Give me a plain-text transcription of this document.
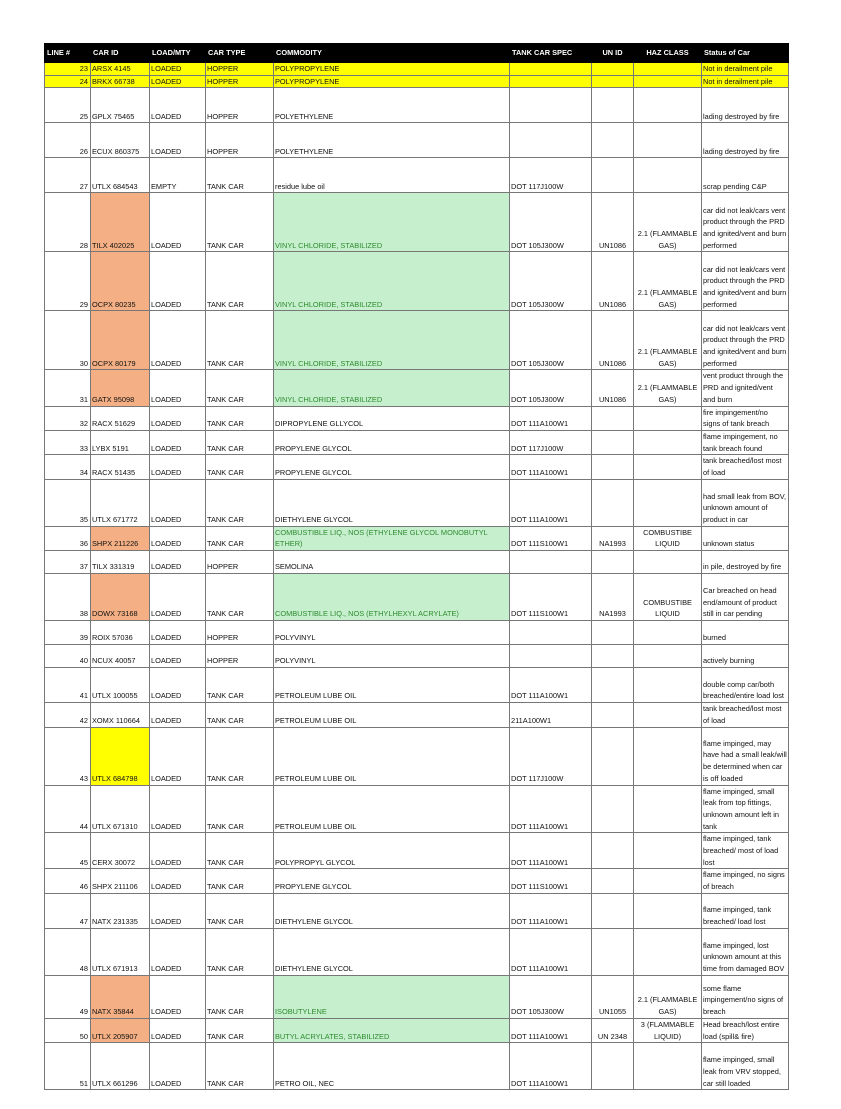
LINE #	CAR ID	LOAD/MTY	CAR TYPE	COMMODITY	TANK CAR SPEC	UN ID	HAZ CLASS	Status of Car
23	ARSX 4145	LOADED	HOPPER	POLYPROPYLENE				Not in derailment pile
24	BRKX 66738	LOADED	HOPPER	POLYPROPYLENE				Not in derailment pile
25	GPLX 75465	LOADED	HOPPER	POLYETHYLENE				lading destroyed by fire
26	ECUX 860375	LOADED	HOPPER	POLYETHYLENE				lading destroyed by fire
27	UTLX 684543	EMPTY	TANK CAR	residue lube oil	DOT 117J100W			scrap pending C&P
28	TILX 402025	LOADED	TANK CAR	VINYL CHLORIDE, STABILIZED	DOT 105J300W	UN1086	2.1 (FLAMMABLE GAS)	car did not leak/cars vent product through the PRD and ignited/vent and burn performed
29	OCPX 80235	LOADED	TANK CAR	VINYL CHLORIDE, STABILIZED	DOT 105J300W	UN1086	2.1 (FLAMMABLE GAS)	car did not leak/cars vent product through the PRD and ignited/vent and burn performed
30	OCPX 80179	LOADED	TANK CAR	VINYL CHLORIDE, STABILIZED	DOT 105J300W	UN1086	2.1 (FLAMMABLE GAS)	car did not leak/cars vent product through the PRD and ignited/vent and burn performed
31	GATX 95098	LOADED	TANK CAR	VINYL CHLORIDE, STABILIZED	DOT 105J300W	UN1086	2.1 (FLAMMABLE GAS)	vent product through the PRD and ignited/vent and burn
32	RACX 51629	LOADED	TANK CAR	DIPROPYLENE GLLYCOL	DOT 111A100W1			fire impingement/no signs of tank breach
33	LYBX 5191	LOADED	TANK CAR	PROPYLENE GLYCOL	DOT 117J100W			flame impingement, no tank breach found
34	RACX 51435	LOADED	TANK CAR	PROPYLENE GLYCOL	DOT 111A100W1			tank breached/lost most of load
35	UTLX 671772	LOADED	TANK CAR	DIETHYLENE GLYCOL	DOT 111A100W1			had small leak from BOV, unknown amount of product in car
36	SHPX 211226	LOADED	TANK CAR	COMBUSTIBLE LIQ., NOS (ETHYLENE GLYCOL MONOBUTYL ETHER)	DOT 111S100W1	NA1993	COMBUSTIBE LIQUID	unknown status
37	TILX 331319	LOADED	HOPPER	SEMOLINA				in pile, destroyed by fire
38	DOWX 73168	LOADED	TANK CAR	COMBUSTIBLE LIQ., NOS (ETHYLHEXYL ACRYLATE)	DOT 111S100W1	NA1993	COMBUSTIBE LIQUID	Car breached on head end/amount of product still in car pending
39	ROIX 57036	LOADED	HOPPER	POLYVINYL				burned
40	NCUX 40057	LOADED	HOPPER	POLYVINYL				actively burning
41	UTLX 100055	LOADED	TANK CAR	PETROLEUM LUBE OIL	DOT 111A100W1			double comp car/both breached/entire load lost
42	XOMX 110664	LOADED	TANK CAR	PETROLEUM LUBE OIL	211A100W1			tank breached/lost most of load
43	UTLX 684798	LOADED	TANK CAR	PETROLEUM LUBE OIL	DOT 117J100W			flame impinged, may have had a small leak/will be determined when car is off loaded
44	UTLX 671310	LOADED	TANK CAR	PETROLEUM LUBE OIL	DOT 111A100W1			flame impinged, small leak from top fittings, unknown amount left in tank
45	CERX 30072	LOADED	TANK CAR	POLYPROPYL GLYCOL	DOT 111A100W1			flame impinged, tank breached/ most of load lost
46	SHPX 211106	LOADED	TANK CAR	PROPYLENE GLYCOL	DOT 111S100W1			flame impinged, no signs of breach
47	NATX 231335	LOADED	TANK CAR	DIETHYLENE GLYCOL	DOT 111A100W1			flame impinged, tank breached/ load lost
48	UTLX 671913	LOADED	TANK CAR	DIETHYLENE GLYCOL	DOT 111A100W1			flame impinged, lost unknown amount at this time from damaged BOV
49	NATX 35844	LOADED	TANK CAR	ISOBUTYLENE	DOT 105J300W	UN1055	2.1 (FLAMMABLE GAS)	some flame impingement/no signs of breach
50	UTLX 205907	LOADED	TANK CAR	BUTYL ACRYLATES, STABILIZED	DOT 111A100W1	UN 2348	3 (FLAMMABLE LIQUID)	Head breach/lost entire load (spill& fire)
51	UTLX 661296	LOADED	TANK CAR	PETRO OIL, NEC	DOT 111A100W1			flame impinged, small leak from VRV stopped, car still loaded
